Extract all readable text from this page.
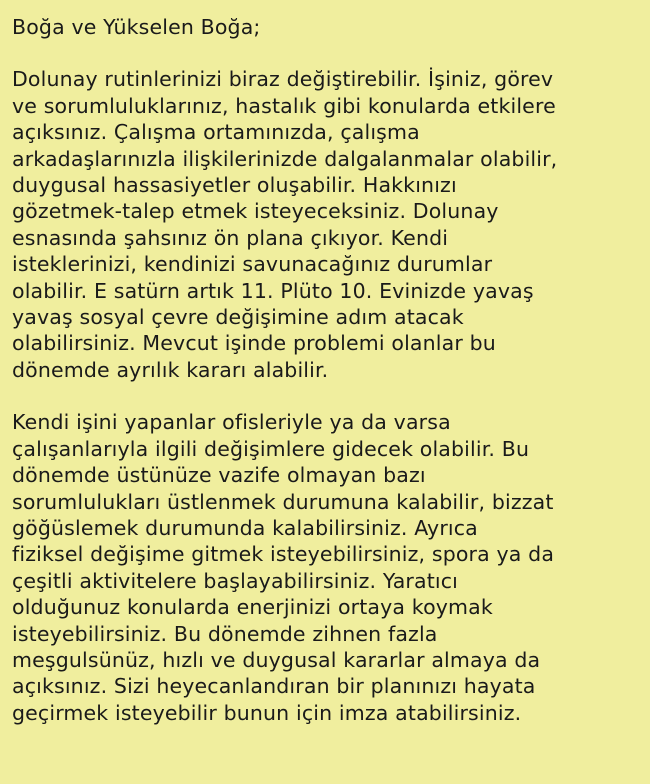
Boğa ve Yükselen Boğa;

Dolunay rutinlerinizi biraz değiştirebilir. İşiniz, görev
ve sorumluluklarınız, hastalık gibi konularda etkilere
açıksınız. Çalışma ortamınızda, çalışma
arkadaşlarınızla ilişkilerinizde dalgalanmalar olabilir,
duygusal hassasiyetler oluşabilir. Hakkınızı
gözetmek-talep etmek isteyeceksiniz. Dolunay
esnasında şahsınız ön plana çıkıyor. Kendi
isteklerinizi, kendinizi savunacağınız durumlar
olabilir. E satürn artık 11. Plüto 10. Evinizde yavaş
yavaş sosyal çevre değişimine adım atacak
olabilirsiniz. Mevcut işinde problemi olanlar bu
dönemde ayrılık kararı alabilir.

Kendi işini yapanlar ofisleriyle ya da varsa
çalışanlarıyla ilgili değişimlere gidecek olabilir. Bu
dönemde üstünüze vazife olmayan bazı
sorumlulukları üstlenmek durumuna kalabilir, bizzat
göğüslemek durumunda kalabilirsiniz. Ayrıca
fiziksel değişime gitmek isteyebilirsiniz, spora ya da
çeşitli aktivitelere başlayabilirsiniz. Yaratıcı
olduğunuz konularda enerjinizi ortaya koymak
isteyebilirsiniz. Bu dönemde zihnen fazla
meşgulsünüz, hızlı ve duygusal kararlar almaya da
açıksınız. Sizi heyecanlandıran bir planınızı hayata
geçirmek isteyebilir bunun için imza atabilirsiniz.
